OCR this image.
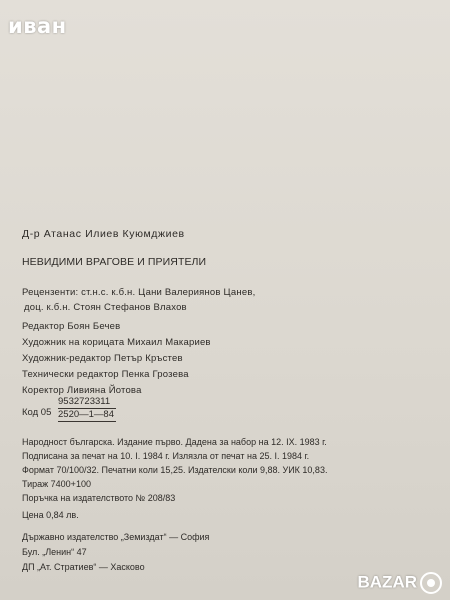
иван
Д-р Атанас Илиев Куюмджиев
НЕВИДИМИ ВРАГОВЕ И ПРИЯТЕЛИ
Рецензенти: ст.н.с. к.б.н. Цани Валериянов Цанев,
доц. к.б.н. Стоян Стефанов Влахов
Редактор Боян Бечев
Художник на корицата Михаил Макариев
Художник-редактор Петър Кръстев
Технически редактор Пенка Грозева
Коректор Ливияна Йотова
Код 05
9532723311
2520—1—84
Народност българска. Издание първо. Дадена за набор на 12. IX. 1983 г.
Подписана за печат на 10. I. 1984 г. Излязла от печат на 25. I. 1984 г.
Формат 70/100/32. Печатни коли 15,25. Издателски коли 9,88. УИК 10,83.
Тираж 7400+100
Поръчка на издателството № 208/83
Цена 0,84 лв.
Държавно издателство „Земиздат“ — София
Бул. „Ленин“ 47
ДП „Ат. Стратиев“ — Хасково
BAZAR
